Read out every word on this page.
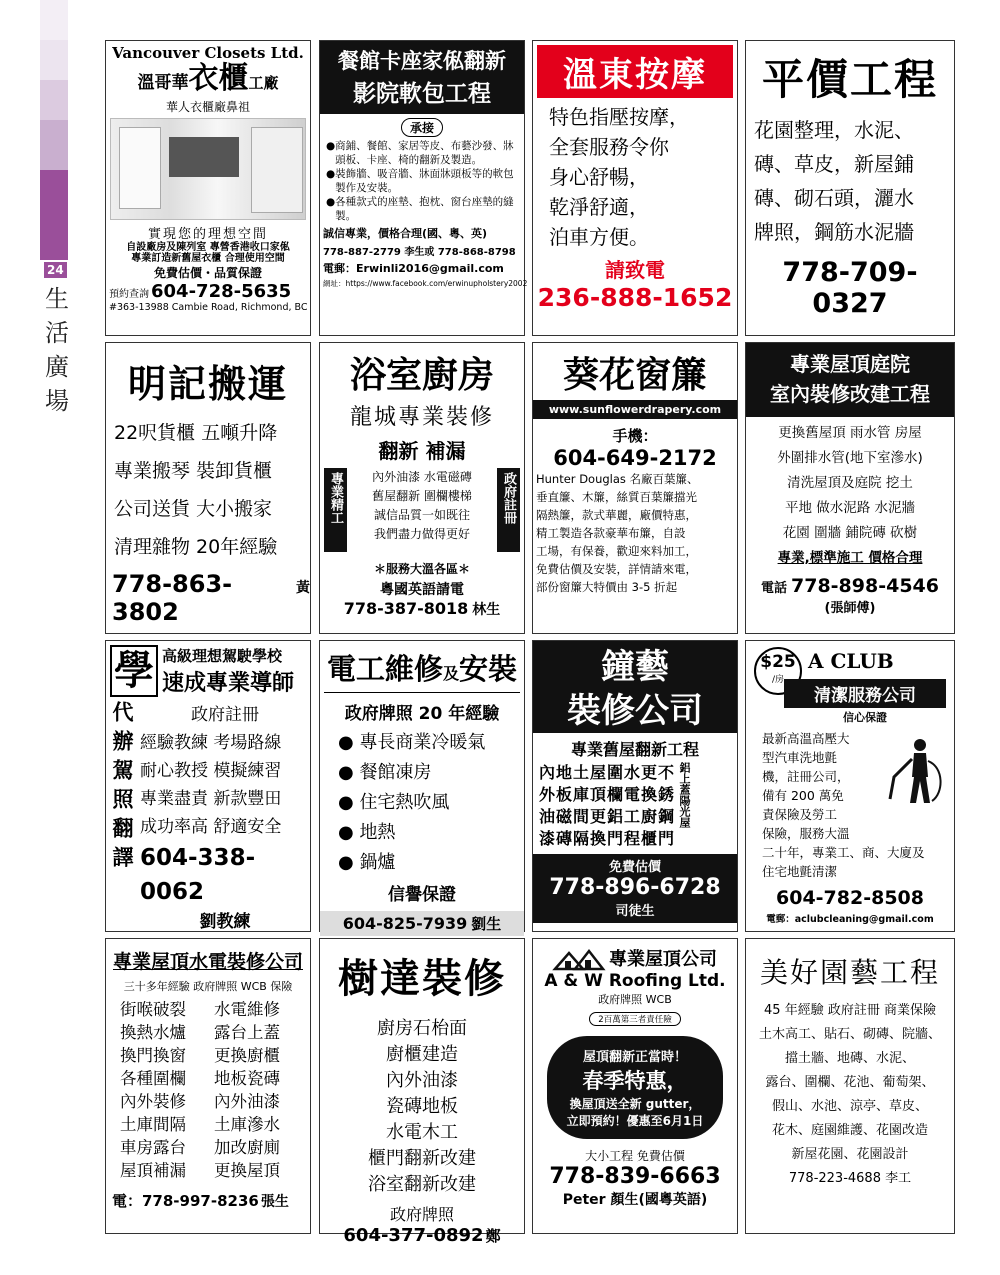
24
生活廣場
Vancouver Closets Ltd.
溫哥華衣櫃工廠
華人衣櫃廠鼻祖
實現您的理想空間
自設廠房及陳列室 專營香港收口家俬
專業訂造新舊屋衣櫃 合理使用空間
免費估價・品質保證
預約查詢 604-728-5635
#363-13988 Cambie Road, Richmond, BC
餐館卡座家俬翻新
影院軟包工程
承接
● 商鋪、餐館、家居等皮、布藝沙發、牀頭板、卡座、椅的翻新及製造。
● 裝飾牆、吸音牆、牀面牀頭板等的軟包製作及安裝。
● 各種款式的座墊、抱枕、窗台座墊的縫製。
誠信專業，價格合理(國、粵、英)
778-887-2779 李生或 778-868-8798
電郵：Erwinli2016@gmail.com
網址：https://www.facebook.com/erwinupholstery2002
溫東按摩
特色指壓按摩，
全套服務令你
身心舒暢，
乾淨舒適，
泊車方便。
請致電
236-888-1652
平價工程
花園整理，水泥、
磚、草皮，新屋鋪
磚、砌石頭，灑水
牌照，鋼筋水泥牆
778-709-0327
明記搬運
22呎貨櫃 五噸升降
專業搬琴 裝卸貨櫃
公司送貨 大小搬家
清理雜物 20年經驗
778-863-3802
黃
浴室廚房
龍城專業裝修
翻新 補漏
專業精工	內外油漆 水電磁磚
舊屋翻新 圍欄樓梯
誠信品質一如既往
我們盡力做得更好
政府註冊
＊服務大溫各區＊
粵國英語請電
778-387-8018 林生
葵花窗簾
www.sunflowerdrapery.com
手機：
604-649-2172
Hunter Douglas 名廠百葉簾、
垂直簾、木簾，絲質百葉簾擋光
隔熱簾，款式華麗，廠價特惠，
精工製造各款豪華布簾，自設
工場，有保養，歡迎來料加工，
免費估價及安裝，詳情請來電，
部份窗簾大特價由 3-5 折起
專業屋頂庭院
室內裝修改建工程
更換舊屋頂 雨水管 房屋
外圍排水管(地下室滲水)
清洗屋頂及庭院 挖土
平地 做水泥路 水泥牆
花園 圍牆 鋪院磚 砍樹
專業,標準施工 價格合理
電話 778-898-4546
(張師傅)
學 高級理想駕駛學校
速成專業導師
代辦駕照翻譯	政府註冊
經驗教練 考場路線
耐心教授 模擬練習
專業盡責 新款豐田
成功率高 舒適安全
604-338-0062
劉教練
電工維修及安裝
政府牌照 20 年經驗
● 專長商業冷暖氣
● 餐館凍房
● 住宅熱吹風
● 地熱
● 鍋爐
信譽保證
604-825-7939 劉生
鐘藝
裝修公司
專業舊屋翻新工程
內地土屋圍水更不
外板庫頂欄電換銹
油磁間更鋁工廚鋼
漆磚隔換門程櫃門
鋁上蓋陽光屋
免費估價
778-896-6728
司徒生
$25
/房
A CLUB
清潔服務公司
信心保證
最新高溫高壓大
型汽車洗地氈
機，註冊公司，
備有 200 萬免
責保險及勞工
保險，服務大溫
二十年，專業工、商、大廈及
住宅地氈清潔
604-782-8508
電郵：aclubcleaning@gmail.com
專業屋頂水電裝修公司
三十多年經驗 政府牌照 WCB 保險
街喉破裂	水電維修
換熱水爐	露台上蓋
換門換窗	更換廚櫃
各種圍欄	地板瓷磚
內外裝修	內外油漆
土庫間隔	土庫滲水
車房露台	加改廚廁
屋頂補漏	更換屋頂
電：778-997-8236 張生
樹達裝修
廚房石枱面
廚櫃建造
內外油漆
瓷磚地板
水電木工
櫃門翻新改建
浴室翻新改建
政府牌照
604-377-0892 鄭
專業屋頂公司
A & W Roofing Ltd.
政府牌照 WCB
2百萬第三者責任險
屋頂翻新正當時！
春季特惠，
換屋頂送全新 gutter，
立即預約！優惠至6月1日
大小工程 免費估價
778-839-6663
Peter 顏生(國粵英語)
美好園藝工程
45 年經驗 政府註冊 商業保險
土木高工、貼石、砌磚、院牆、
擋土牆、地磚、水泥、
露台、圍欄、花池、葡萄架、
假山、水池、涼亭、草皮、
花木、庭園維護、花園改造
新屋花園、花園設計
778-223-4688 李工
